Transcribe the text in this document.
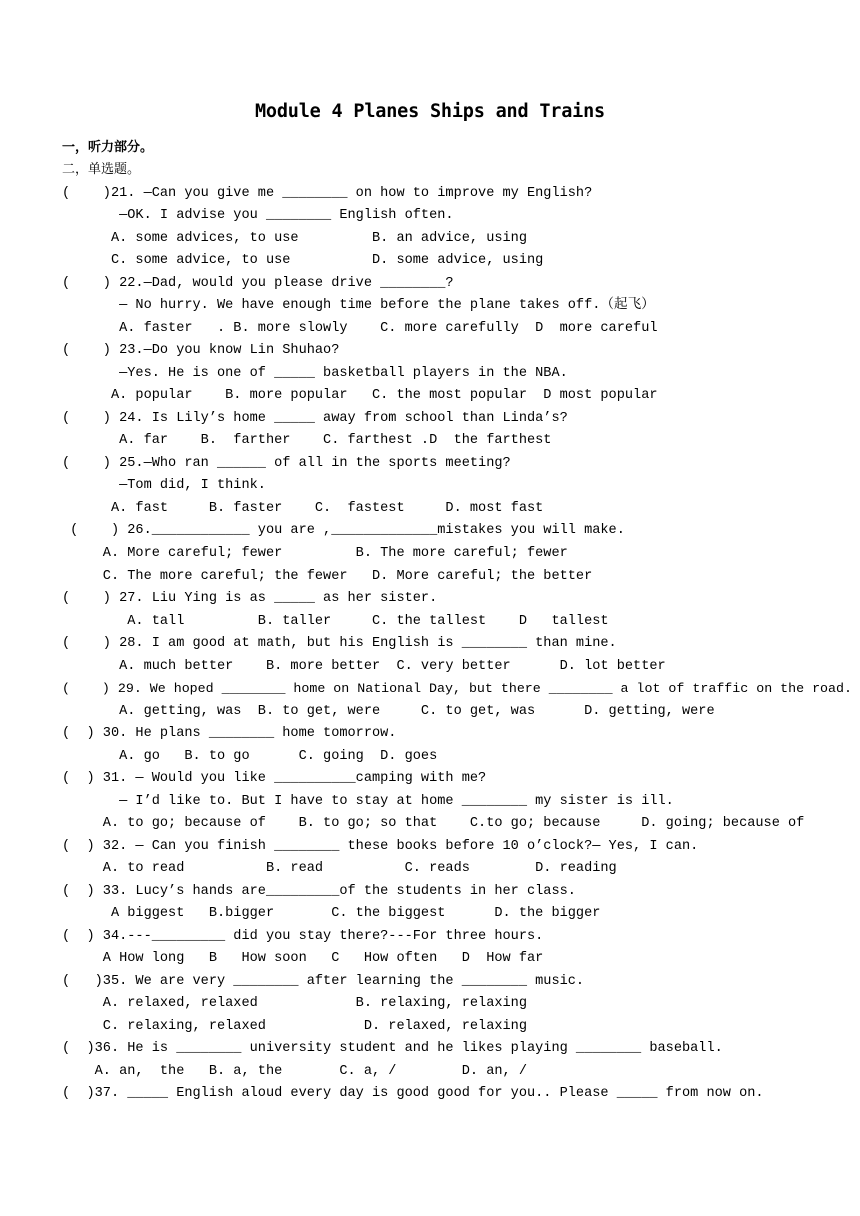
Module 4 Planes Ships and Trains
一，听力部分。
二，单选题。
(    )21. —Can you give me ________ on how to improve my English?
—OK. I advise you ________ English often.
A. some advices, to use         B. an advice, using
C. some advice, to use          D. some advice, using
(    ) 22.—Dad, would you please drive ________?
— No hurry. We have enough time before the plane takes off.（起飞）
A. faster   . B. more slowly    C. more carefully  D  more careful
(    ) 23.—Do you know Lin Shuhao?
—Yes. He is one of _____ basketball players in the NBA.
A. popular    B. more popular   C. the most popular  D most popular
(    ) 24. Is Lily’s home _____ away from school than Linda’s?
A. far    B.  farther    C. farthest .D  the farthest
(    ) 25.—Who ran ______ of all in the sports meeting?
—Tom did, I think.
A. fast     B. faster    C.  fastest     D. most fast
(    ) 26.____________ you are ,_____________mistakes you will make.
A. More careful; fewer         B. The more careful; fewer
C. The more careful; the fewer   D. More careful; the better
(    ) 27. Liu Ying is as _____ as her sister.
A. tall         B. taller     C. the tallest    D   tallest
(    ) 28. I am good at math, but his English is ________ than mine.
A. much better    B. more better  C. very better      D. lot better
(    ) 29. We hoped ________ home on National Day, but there ________ a lot of traffic on the road.
A. getting, was  B. to get, were     C. to get, was      D. getting, were
(  ) 30. He plans ________ home tomorrow.
A. go   B. to go      C. going  D. goes
(  ) 31. — Would you like __________camping with me?
— I’d like to. But I have to stay at home ________ my sister is ill.
A. to go; because of    B. to go; so that    C.to go; because     D. going; because of
(  ) 32. — Can you finish ________ these books before 10 o’clock?— Yes, I can.
A. to read          B. read          C. reads        D. reading
(  ) 33. Lucy’s hands are_________of the students in her class.
A biggest   B.bigger       C. the biggest      D. the bigger
(  ) 34.---_________ did you stay there?---For three hours.
A How long   B   How soon   C   How often   D  How far
(   )35. We are very ________ after learning the ________ music.
A. relaxed, relaxed            B. relaxing, relaxing
C. relaxing, relaxed            D. relaxed, relaxing
(  )36. He is ________ university student and he likes playing ________ baseball.
A. an,  the   B. a, the       C. a, /        D. an, /
(  )37. _____ English aloud every day is good good for you.. Please _____ from now on.
